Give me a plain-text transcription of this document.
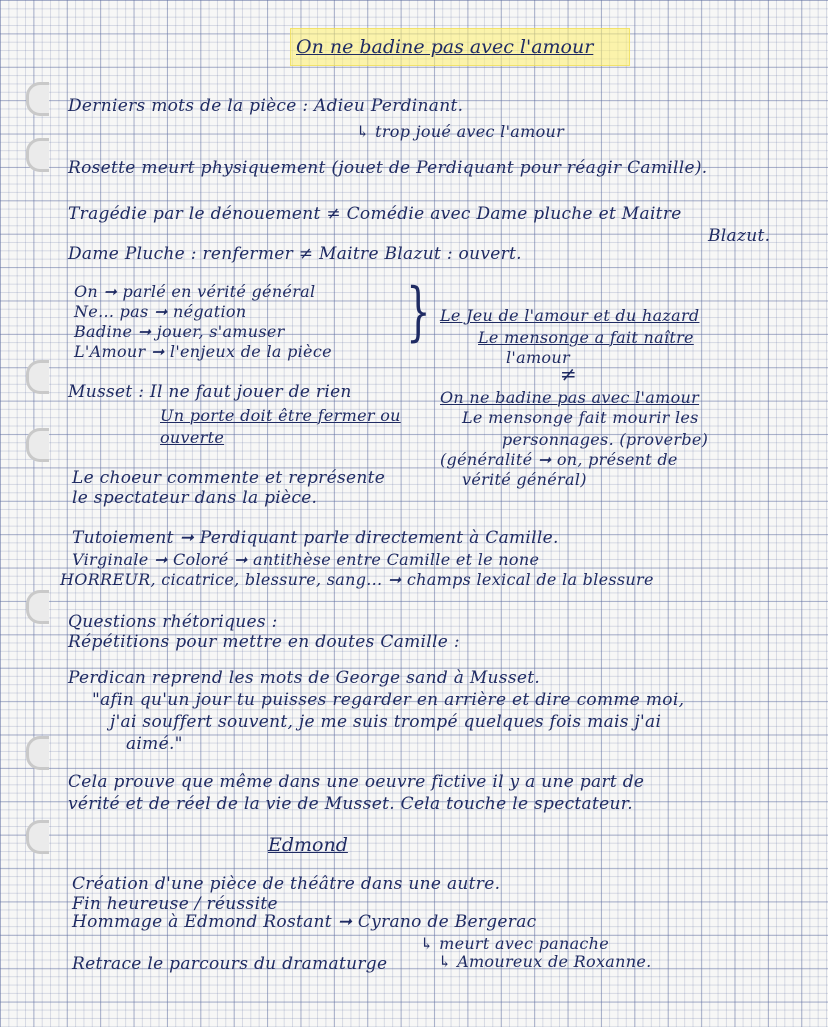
On ne badine pas avec l'amour
Derniers mots de la pièce : Adieu Perdinant.
↳ trop joué avec l'amour
Rosette meurt physiquement (jouet de Perdiquant pour réagir Camille).
Tragédie par le dénouement ≠ Comédie avec Dame pluche et Maitre
Blazut.
Dame Pluche : renfermer ≠ Maitre Blazut : ouvert.
On ➞ parlé en vérité général
Ne... pas ➞ négation
Badine ➞ jouer, s'amuser
L'Amour ➞ l'enjeux de la pièce
} Le Jeu de l'amour et du hazard
Le mensonge a fait naître
l'amour
≠
Musset : Il ne faut jouer de rien
Un porte doit être fermer ou
ouverte
On ne badine pas avec l'amour
Le mensonge fait mourir les
personnages. (proverbe)
(généralité ➞ on, présent de
vérité général)
Le choeur commente et représente
le spectateur dans la pièce.
Tutoiement ➞ Perdiquant parle directement à Camille.
Virginale ➞ Coloré ➞ antithèse entre Camille et le none
HORREUR, cicatrice, blessure, sang... ➞ champs lexical de la blessure
Questions rhétoriques :
Répétitions pour mettre en doutes Camille :
Perdican reprend les mots de George sand à Musset.
"afin qu'un jour tu puisses regarder en arrière et dire comme moi,
j'ai souffert souvent, je me suis trompé quelques fois mais j'ai
aimé."
Cela prouve que même dans une oeuvre fictive il y a une part de
vérité et de réel de la vie de Musset. Cela touche le spectateur.
Edmond
Création d'une pièce de théâtre dans une autre.
Fin heureuse / réussite
Hommage à Edmond Rostant ➞ Cyrano de Bergerac
↳ meurt avec panache
Retrace le parcours du dramaturge	↳ Amoureux de Roxanne.
